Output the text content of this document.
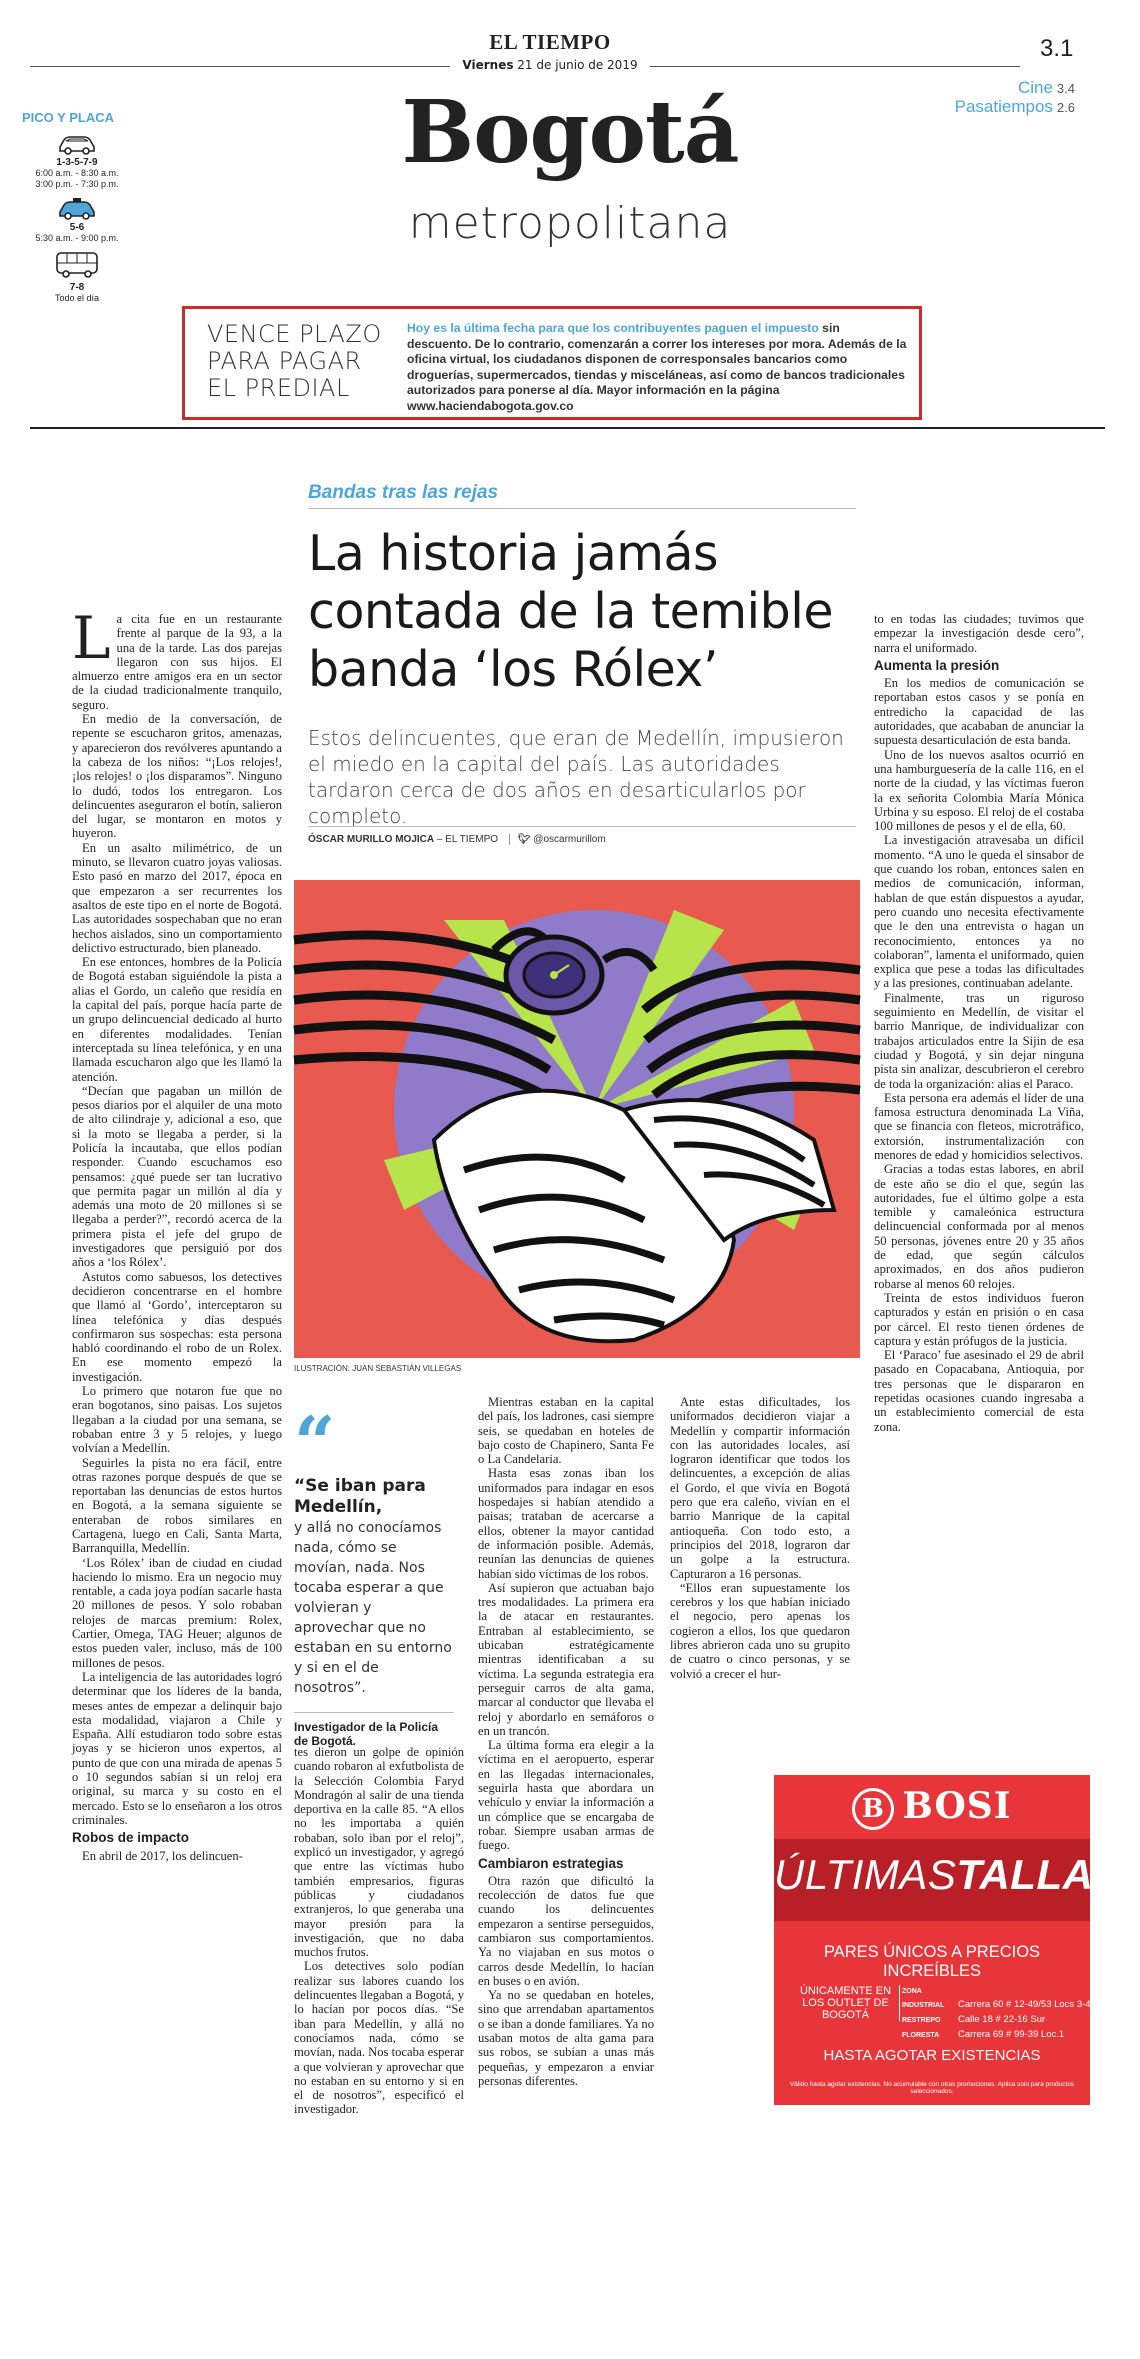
EL TIEMPO
Viernes 21 de junio de 2019
3.1
Cine 3.4
Pasatiempos 2.6
Bogotá
metropolitana
PICO Y PLACA
1-3-5-7-9
6:00 a.m. - 8:30 a.m.
3:00 p.m. - 7:30 p.m.
5-6
5:30 a.m. - 9:00 p.m.
7-8
Todo el día
VENCE PLAZO
PARA PAGAR
EL PREDIAL
Hoy es la última fecha para que los contribuyentes paguen el impuesto sin descuento. De lo contrario, comenzarán a correr los intereses por mora. Además de la oficina virtual, los ciudadanos disponen de corresponsales bancarios como droguerías, supermercados, tiendas y misceláneas, así como de bancos tradicionales autorizados para ponerse al día. Mayor información en la página www.haciendabogota.gov.co
Bandas tras las rejas
La historia jamás contada de la temible banda ‘los Rólex’
Estos delincuentes, que eran de Medellín, impusieron el miedo en la capital del país. Las autoridades tardaron cerca de dos años en desarticularlos por completo.
ÓSCAR MURILLO MOJICA – EL TIEMPO 🐦︎ @oscarmurillom

La cita fue en un restaurante frente al parque de la 93, a la una de la tarde. Las dos parejas llegaron con sus hijos. El almuerzo entre amigos era en un sector de la ciudad tradicionalmente tranquilo, seguro.

En medio de la conversación, de repente se escucharon gritos, amenazas, y aparecieron dos revólveres apuntando a la cabeza de los niños: “¡Los relojes!, ¡los relojes! o ¡los disparamos”. Ninguno lo dudó, todos los entregaron. Los delincuentes aseguraron el botín, salieron del lugar, se montaron en motos y huyeron.

En un asalto milimétrico, de un minuto, se llevaron cuatro joyas valiosas. Esto pasó en marzo del 2017, época en que empezaron a ser recurrentes los asaltos de este tipo en el norte de Bogotá. Las autoridades sospechaban que no eran hechos aislados, sino un comportamiento delictivo estructurado, bien planeado.

En ese entonces, hombres de la Policía de Bogotá estaban siguiéndole la pista a alias el Gordo, un caleño que residía en la capital del país, porque hacía parte de un grupo delincuencial dedicado al hurto en diferentes modalidades. Tenían interceptada su línea telefónica, y en una llamada escucharon algo que les llamó la atención.

“Decían que pagaban un millón de pesos diarios por el alquiler de una moto de alto cilindraje y, adicional a eso, que si la moto se llegaba a perder, si la Policía la incautaba, que ellos podían responder. Cuando escuchamos eso pensamos: ¿qué puede ser tan lucrativo que permita pagar un millón al día y además una moto de 20 millones si se llegaba a perder?”, recordó acerca de la primera pista el jefe del grupo de investigadores que persiguió por dos años a ‘los Rólex’.

Astutos como sabuesos, los detectives decidieron concentrarse en el hombre que llamó al ‘Gordo’, interceptaron su línea telefónica y días después confirmaron sus sospechas: esta persona habló coordinando el robo de un Rolex. En ese momento empezó la investigación.

Lo primero que notaron fue que no eran bogotanos, sino paisas. Los sujetos llegaban a la ciudad por una semana, se robaban entre 3 y 5 relojes, y luego volvían a Medellín.

Seguirles la pista no era fácil, entre otras razones porque después de que se reportaban las denuncias de estos hurtos en Bogotá, a la semana siguiente se enteraban de robos similares en Cartagena, luego en Cali, Santa Marta, Barranquilla, Medellín.

‘Los Rólex’ iban de ciudad en ciudad haciendo lo mismo. Era un negocio muy rentable, a cada joya podían sacarle hasta 20 millones de pesos. Y solo robaban relojes de marcas premium: Rolex, Cartier, Omega, TAG Heuer; algunos de estos pueden valer, incluso, más de 100 millones de pesos.

La inteligencia de las autoridades logró determinar que los líderes de la banda, meses antes de empezar a delinquir bajo esta modalidad, viajaron a Chile y España. Allí estudiaron todo sobre estas joyas y se hicieron unos expertos, al punto de que con una mirada de apenas 5 o 10 segundos sabían si un reloj era original, su marca y su costo en el mercado. Esto se lo enseñaron a los otros criminales.

Robos de impacto

En abril de 2017, los delincuen-

ILUSTRACIÓN: JUAN SEBASTIÁN VILLEGAS
“
“Se iban para Medellín,
y allá no conocíamos nada, cómo se movían, nada. Nos tocaba esperar a que volvieran y aprovechar que no estaban en su entorno y si en el de nosotros”.
Investigador de la Policía de Bogotá.

tes dieron un golpe de opinión cuando robaron al exfutbolista de la Selección Colombia Faryd Mondragón al salir de una tienda deportiva en la calle 85. “A ellos no les importaba a quién robaban, solo iban por el reloj”, explicó un investigador, y agregó que entre las víctimas hubo también empresarios, figuras públicas y ciudadanos extranjeros, lo que generaba una mayor presión para la investigación, que no daba muchos frutos.

Los detectives solo podían realizar sus labores cuando los delincuentes llegaban a Bogotá, y lo hacían por pocos días. “Se iban para Medellín, y allá no conocíamos nada, cómo se movían, nada. Nos tocaba esperar a que volvieran y aprovechar que no estaban en su entorno y si en el de nosotros”, especificó el investigador.

Mientras estaban en la capital del país, los ladrones, casi siempre seis, se quedaban en hoteles de bajo costo de Chapinero, Santa Fe o La Candelaria.

Hasta esas zonas iban los uniformados para indagar en esos hospedajes si habían atendido a paisas; trataban de acercarse a ellos, obtener la mayor cantidad de información posible. Además, reunían las denuncias de quienes habían sido víctimas de los robos.

Así supieron que actuaban bajo tres modalidades. La primera era la de atacar en restaurantes. Entraban al establecimiento, se ubicaban estratégicamente mientras identificaban a su víctima. La segunda estrategia era perseguir carros de alta gama, marcar al conductor que llevaba el reloj y abordarlo en semáforos o en un trancón.

La última forma era elegir a la víctima en el aeropuerto, esperar en las llegadas internacionales, seguirla hasta que abordara un vehículo y enviar la información a un cómplice que se encargaba de robar. Siempre usaban armas de fuego.

Cambiaron estrategias

Otra razón que dificultó la recolección de datos fue que cuando los delincuentes empezaron a sentirse perseguidos, cambiaron sus comportamientos. Ya no viajaban en sus motos o carros desde Medellín, lo hacían en buses o en avión.

Ya no se quedaban en hoteles, sino que arrendaban apartamentos o se iban a donde familiares. Ya no usaban motos de alta gama para sus robos, se subían a unas más pequeñas, y empezaron a enviar personas diferentes.

Ante estas dificultades, los uniformados decidieron viajar a Medellín y compartir información con las autoridades locales, así lograron identificar que todos los delincuentes, a excepción de alias el Gordo, el que vivía en Bogotá pero que era caleño, vivían en el barrio Manrique de la capital antioqueña. Con todo esto, a principios del 2018, lograron dar un golpe a la estructura. Capturaron a 16 personas.

“Ellos eran supuestamente los cerebros y los que habían iniciado el negocio, pero apenas los cogieron a ellos, los que quedaron libres abrieron cada uno su grupito de cuatro o cinco personas, y se volvió a crecer el hur-

to en todas las ciudades; tuvimos que empezar la investigación desde cero”, narra el uniformado.

Aumenta la presión

En los medios de comunicación se reportaban estos casos y se ponía en entredicho la capacidad de las autoridades, que acababan de anunciar la supuesta desarticulación de esta banda.

Uno de los nuevos asaltos ocurrió en una hamburguesería de la calle 116, en el norte de la ciudad, y las víctimas fueron la ex señorita Colombia María Mónica Urbina y su esposo. El reloj de el costaba 100 millones de pesos y el de ella, 60.

La investigación atravesaba un difícil momento. “A uno le queda el sinsabor de que cuando los roban, entonces salen en medios de comunicación, informan, hablan de que están dispuestos a ayudar, pero cuando uno necesita efectivamente que le den una entrevista o hagan un reconocimiento, entonces ya no colaboran”, lamenta el uniformado, quien explica que pese a todas las dificultades y a las presiones, continuaban adelante.

Finalmente, tras un riguroso seguimiento en Medellín, de visitar el barrio Manrique, de individualizar con trabajos articulados entre la Sijin de esa ciudad y Bogotá, y sin dejar ninguna pista sin analizar, descubrieron el cerebro de toda la organización: alias el Paraco.

Esta persona era además el líder de una famosa estructura denominada La Viña, que se financia con fleteos, microtráfico, extorsión, instrumentalización con menores de edad y homicidios selectivos.

Gracias a todas estas labores, en abril de este año se dio el que, según las autoridades, fue el último golpe a esta temible y camaleónica estructura delincuencial conformada por al menos 50 personas, jóvenes entre 20 y 35 años de edad, que según cálculos aproximados, en dos años pudieron robarse al menos 60 relojes.

Treinta de estos individuos fueron capturados y están en prisión o en casa por cárcel. El resto tienen órdenes de captura y están prófugos de la justicia.

El ‘Paraco’ fue asesinado el 29 de abril pasado en Copacabana, Antioquia, por tres personas que le dispararon en repetidas ocasiones cuando ingresaba a un establecimiento comercial de esta zona.

B BOSI
ÚLTIMASTALLAS
PARES ÚNICOS A PRECIOS INCREÍBLES
ÚNICAMENTE EN LOS OUTLET DE BOGOTÁ
ZONA INDUSTRIAL Carrera 60 # 12-49/53 Locs 3-4
RESTREPO Calle 18 # 22-16 Sur
FLORESTA Carrera 69 # 99-39 Loc.1
HASTA AGOTAR EXISTENCIAS
Válido hasta agotar existencias. No acumulable con otras promociones. Aplica solo para productos seleccionados.
